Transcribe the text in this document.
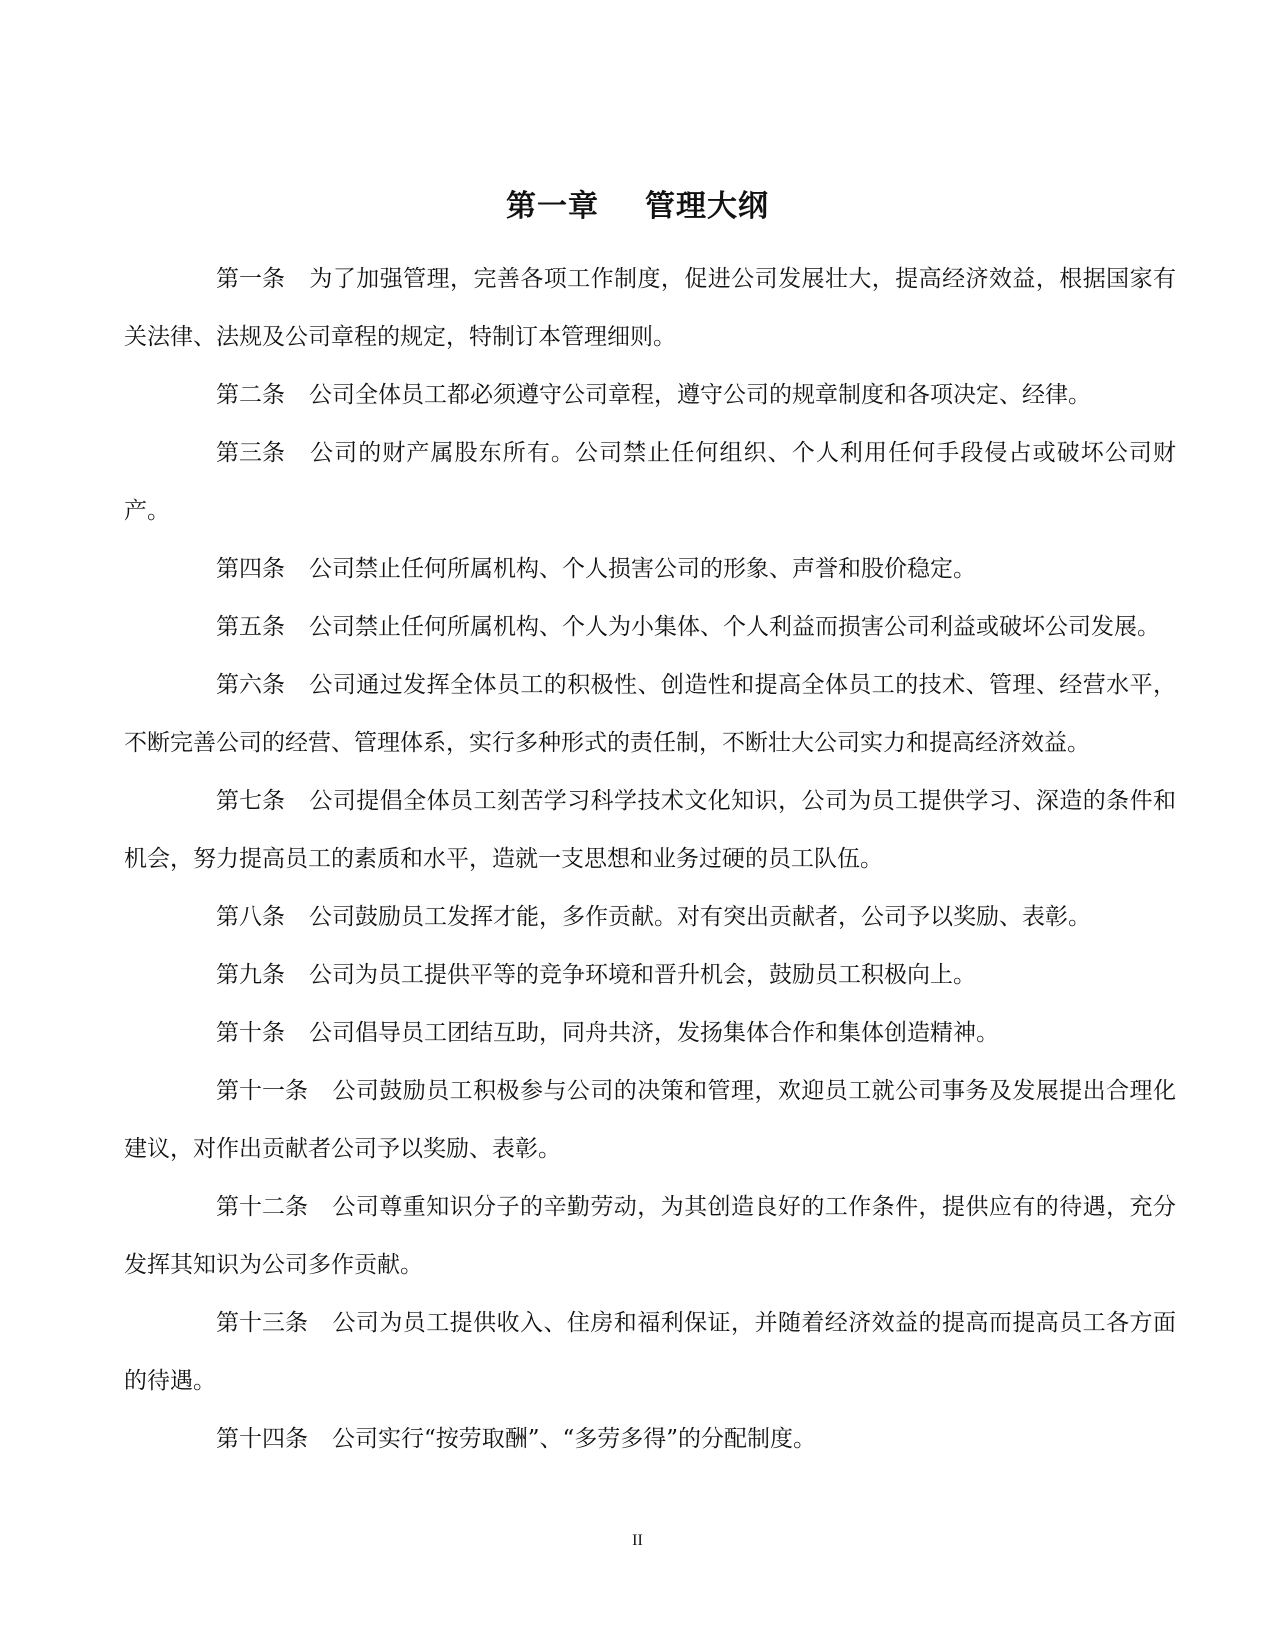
第一章 管理大纲

第一条 为了加强管理，完善各项工作制度，促进公司发展壮大，提高经济效益，根据国家有关法律、法规及公司章程的规定，特制订本管理细则。

第二条 公司全体员工都必须遵守公司章程，遵守公司的规章制度和各项决定、经律。

第三条 公司的财产属股东所有。公司禁止任何组织、个人利用任何手段侵占或破坏公司财产。

第四条 公司禁止任何所属机构、个人损害公司的形象、声誉和股价稳定。

第五条 公司禁止任何所属机构、个人为小集体、个人利益而损害公司利益或破坏公司发展。

第六条 公司通过发挥全体员工的积极性、创造性和提高全体员工的技术、管理、经营水平，不断完善公司的经营、管理体系，实行多种形式的责任制，不断壮大公司实力和提高经济效益。

第七条 公司提倡全体员工刻苦学习科学技术文化知识，公司为员工提供学习、深造的条件和机会，努力提高员工的素质和水平，造就一支思想和业务过硬的员工队伍。

第八条 公司鼓励员工发挥才能，多作贡献。对有突出贡献者，公司予以奖励、表彰。

第九条 公司为员工提供平等的竞争环境和晋升机会，鼓励员工积极向上。

第十条 公司倡导员工团结互助，同舟共济，发扬集体合作和集体创造精神。

第十一条 公司鼓励员工积极参与公司的决策和管理，欢迎员工就公司事务及发展提出合理化建议，对作出贡献者公司予以奖励、表彰。

第十二条 公司尊重知识分子的辛勤劳动，为其创造良好的工作条件，提供应有的待遇，充分发挥其知识为公司多作贡献。

第十三条 公司为员工提供收入、住房和福利保证，并随着经济效益的提高而提高员工各方面的待遇。

第十四条 公司实行“按劳取酬”、“多劳多得”的分配制度。

II
